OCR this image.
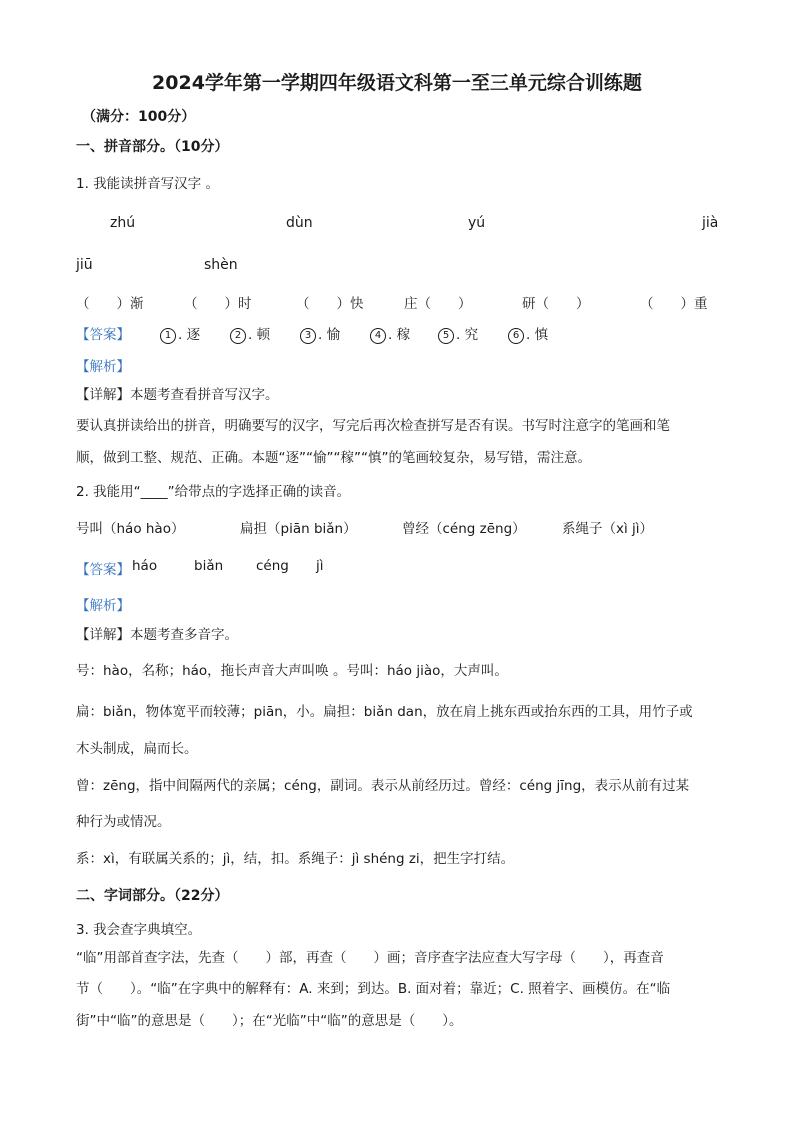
2024学年第一学期四年级语文科第一至三单元综合训练题
（满分：100分）
一、拼音部分。（10分）
1. 我能读拼音写汉字 。
zhú	dùn	yú	jià
jiū	shèn
（　　）渐	（　　）时	（　　）快	庄（　　）	研（　　）	（　　）重
【答案】	1 . 逐	2 . 顿	3 . 愉	4 . 稼	5 . 究	6 . 慎
【解析】
【详解】本题考查看拼音写汉字。
要认真拼读给出的拼音，明确要写的汉字，写完后再次检查拼写是否有误。书写时注意字的笔画和笔
顺，做到工整、规范、正确。本题“逐”“愉”“稼”“慎”的笔画较复杂，易写错，需注意。
2. 我能用“____”给带点的字选择正确的读音。
号叫（háo hào）	扁担（piān biǎn）	曾经（céng zēng）	系绳子（xì jì）
【答案】 háo	biǎn céng jì
【解析】
【详解】本题考查多音字。
号：hào，名称；háo，拖长声音大声叫唤 。号叫：háo jiào，大声叫。
扁：biǎn，物体宽平而较薄；piān，小。扁担：biǎn dan，放在肩上挑东西或抬东西的工具，用竹子或
木头制成，扁而长。
曾：zēng，指中间隔两代的亲属；céng，副词。表示从前经历过。曾经：céng jīng，表示从前有过某
种行为或情况。
系：xì，有联属关系的；jì，结，扣。系绳子：jì shéng zi，把生字打结。
二、字词部分。（22分）
3. 我会查字典填空。
“临”用部首查字法，先查（　　）部，再查（　　）画；音序查字法应查大写字母（　　），再查音
节（　　）。“临”在字典中的解释有：A. 来到；到达。B. 面对着；靠近；C. 照着字、画模仿。在“临
街”中“临”的意思是（　　）；在“光临”中“临”的意思是（　　）。
